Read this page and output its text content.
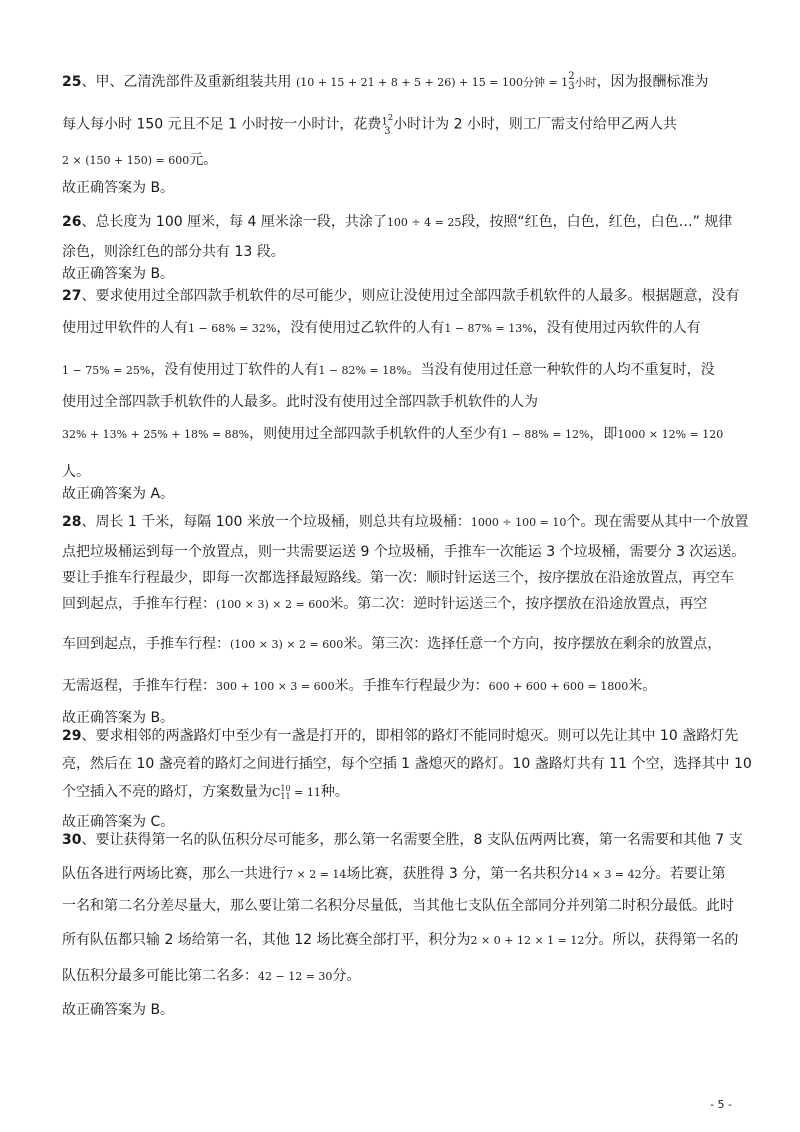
25、甲、乙清洗部件及重新组装共用 (10 + 15 + 21 + 8 + 5 + 26) + 15 = 100分钟 = 12
3小时，因为报酬标准为
每人每小时 150 元且不足 1 小时按一小时计，花费$1^2$
3 小时计为 2 小时，则工厂需支付给甲乙两人共
2 × (150 + 150) = 600元。
故正确答案为 B。
26、总长度为 100 厘米，每 4 厘米涂一段，共涂了100 ÷ 4 = 25段，按照“红色，白色，红色，白色…” 规律
涂色，则涂红色的部分共有 13 段。
故正确答案为 B。
27、要求使用过全部四款手机软件的尽可能少，则应让没使用过全部四款手机软件的人最多。根据题意，没有
使用过甲软件的人有1 − 68% = 32%，没有使用过乙软件的人有1 − 87% = 13%，没有使用过丙软件的人有
1 − 75% = 25%，没有使用过丁软件的人有1 − 82% = 18%。当没有使用过任意一种软件的人均不重复时，没
使用过全部四款手机软件的人最多。此时没有使用过全部四款手机软件的人为
32% + 13% + 25% + 18% = 88%，则使用过全部四款手机软件的人至少有1 − 88% = 12%，即1000 × 12% = 120
人。
故正确答案为 A。
28、周长 1 千米，每隔 100 米放一个垃圾桶，则总共有垃圾桶：1000 ÷ 100 = 10个。现在需要从其中一个放置
点把垃圾桶运到每一个放置点，则一共需要运送 9 个垃圾桶，手推车一次能运 3 个垃圾桶，需要分 3 次运送。
要让手推车行程最少，即每一次都选择最短路线。第一次：顺时针运送三个，按序摆放在沿途放置点，再空车
回到起点，手推车行程：(100 × 3) × 2 = 600米。第二次：逆时针运送三个，按序摆放在沿途放置点，再空
车回到起点，手推车行程：(100 × 3) × 2 = 600米。第三次：选择任意一个方向，按序摆放在剩余的放置点，
无需返程，手推车行程：300 + 100 × 3 = 600米。手推车行程最少为：600 + 600 + 600 = 1800米。
故正确答案为 B。
29、要求相邻的两盏路灯中至少有一盏是打开的，即相邻的路灯不能同时熄灭。则可以先让其中 10 盏路灯先
亮，然后在 10 盏亮着的路灯之间进行插空，每个空插 1 盏熄灭的路灯。10 盏路灯共有 11 个空，选择其中 10
个空插入不亮的路灯，方案数量为C10
11 = 11种。
故正确答案为 C。
30、要让获得第一名的队伍积分尽可能多，那么第一名需要全胜，8 支队伍两两比赛，第一名需要和其他 7 支
队伍各进行两场比赛，那么一共进行7 × 2 = 14场比赛，获胜得 3 分，第一名共积分14 × 3 = 42分。若要让第
一名和第二名分差尽量大，那么要让第二名积分尽量低，当其他七支队伍全部同分并列第二时积分最低。此时
所有队伍都只输 2 场给第一名，其他 12 场比赛全部打平，积分为2 × 0 + 12 × 1 = 12分。所以，获得第一名的
队伍积分最多可能比第二名多：42 − 12 = 30分。
故正确答案为 B。
- 5 -
